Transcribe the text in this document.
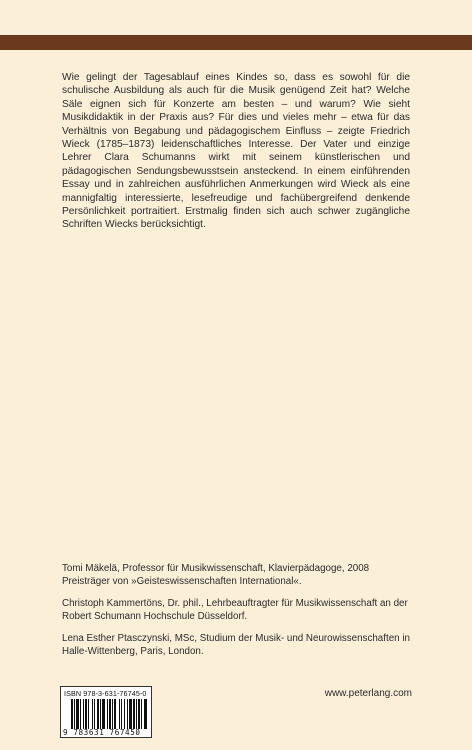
Wie gelingt der Tagesablauf eines Kindes so, dass es sowohl für die schulische Ausbildung als auch für die Musik genügend Zeit hat? Welche Säle eignen sich für Konzerte am besten – und warum? Wie sieht Musikdidaktik in der Praxis aus? Für dies und vieles mehr – etwa für das Verhältnis von Begabung und pädagogischem Einfluss – zeigte Friedrich Wieck (1785–1873) leidenschaftliches Interesse. Der Vater und einzige Lehrer Clara Schumanns wirkt mit seinem künstlerischen und pädagogischen Sendungsbewusstsein ansteckend. In einem einführenden Essay und in zahlreichen ausführlichen Anmerkungen wird Wieck als eine mannigfaltig interessierte, lesefreudige und fachübergreifend denkende Persönlichkeit portraitiert. Erstmalig finden sich auch schwer zugängliche Schriften Wiecks berücksichtigt.

Tomi Mäkelä, Professor für Musikwissenschaft, Klavierpädagoge, 2008 Preisträger von »Geisteswissenschaften International«.

Christoph Kammertöns, Dr. phil., Lehrbeauftragter für Musikwissenschaft an der Robert Schumann Hochschule Düsseldorf.

Lena Esther Ptasczynski, MSc, Studium der Musik- und Neurowissenschaften in Halle-Wittenberg, Paris, London.

ISBN 978-3-631-76745-0
9 783631 767450
www.peterlang.com
